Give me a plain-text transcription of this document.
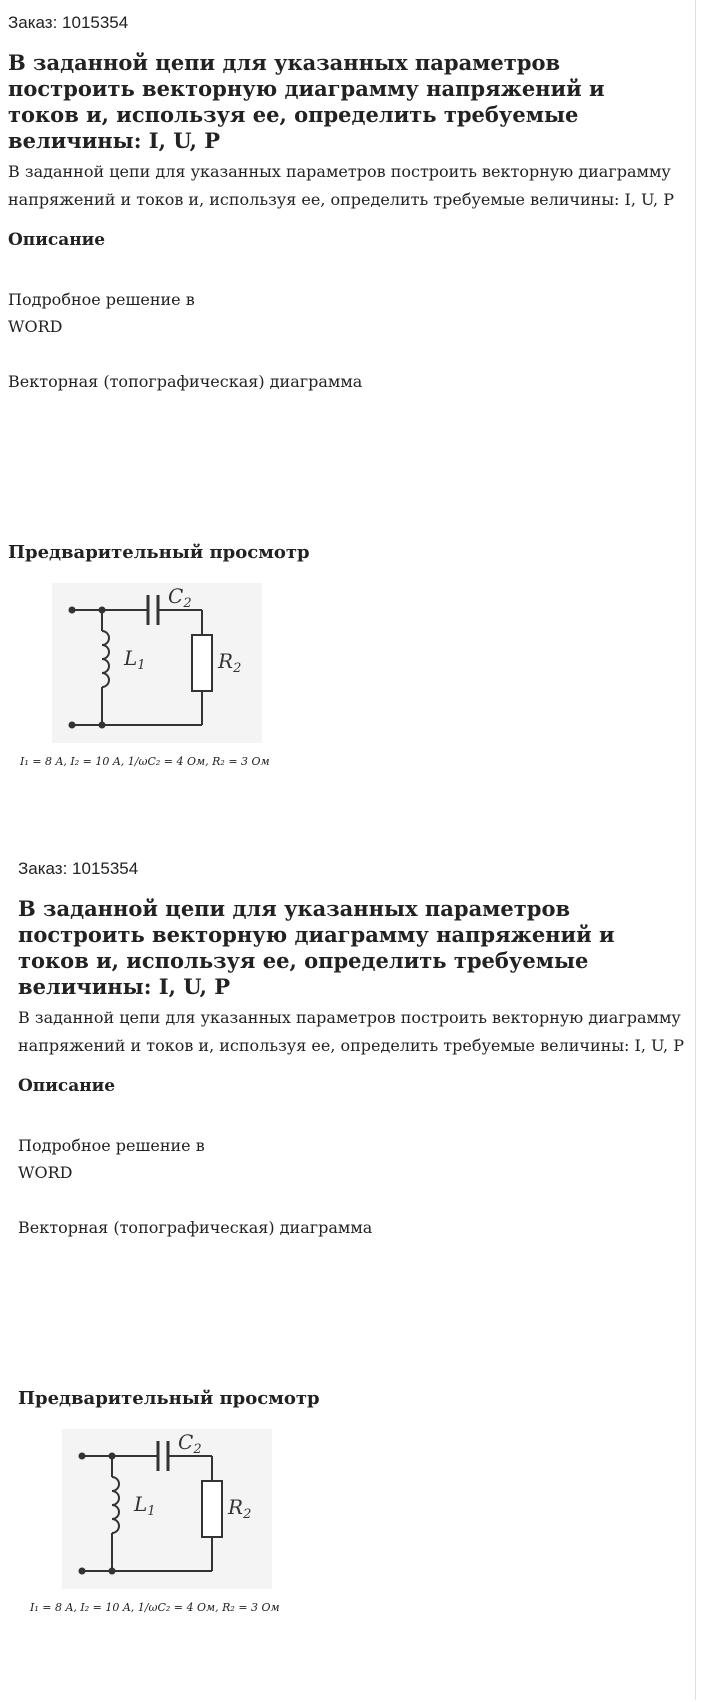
Заказ: 1015354
В заданной цепи для указанных параметров построить векторную диаграмму напряжений и токов и, используя ее, определить требуемые величины: I, U, P
В заданной цепи для указанных параметров построить векторную диаграмму напряжений и токов и, используя ее, определить требуемые величины: I, U, P
Описание
Подробное решение в
WORD
Векторная (топографическая) диаграмма
Предварительный просмотр
$C_2$
$L_1$	$R_2$
I₁ = 8 A, I₂ = 10 A, 1/ωC₂ = 4 Ом, R₂ = 3 Ом
Заказ: 1015354
В заданной цепи для указанных параметров построить векторную диаграмму напряжений и токов и, используя ее, определить требуемые величины: I, U, P
В заданной цепи для указанных параметров построить векторную диаграмму напряжений и токов и, используя ее, определить требуемые величины: I, U, P
Описание
Подробное решение в
WORD
Векторная (топографическая) диаграмма
Предварительный просмотр
$C_2$
$L_1$	$R_2$
I₁ = 8 A, I₂ = 10 A, 1/ωC₂ = 4 Ом, R₂ = 3 Ом
